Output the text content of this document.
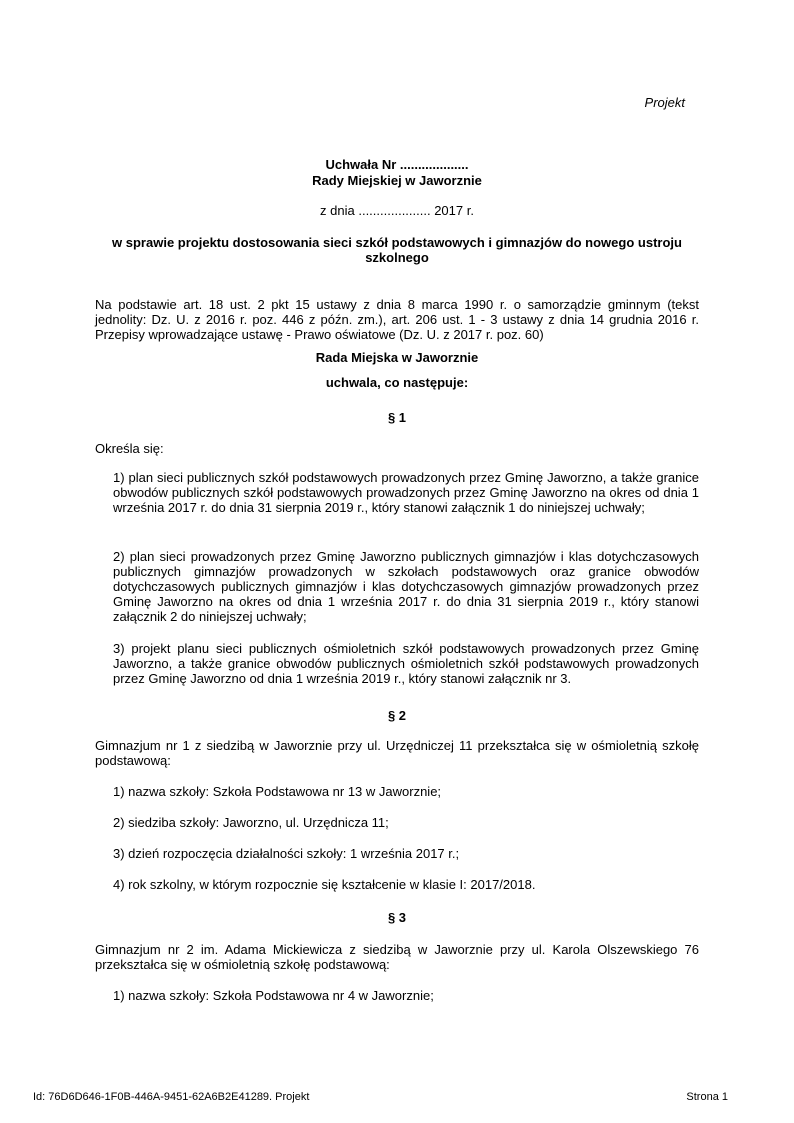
Projekt
Uchwała Nr ...................
Rady Miejskiej w Jaworznie
z dnia .................... 2017 r.
w sprawie projektu dostosowania sieci szkół podstawowych i gimnazjów do nowego ustroju szkolnego
Na podstawie art. 18 ust. 2 pkt 15 ustawy z dnia 8 marca 1990 r. o samorządzie gminnym (tekst jednolity: Dz. U. z 2016 r. poz. 446 z późn. zm.), art. 206 ust. 1 - 3 ustawy z dnia 14 grudnia 2016 r. Przepisy wprowadzające ustawę - Prawo oświatowe (Dz. U. z 2017 r. poz. 60)
Rada Miejska w Jaworznie
uchwala, co następuje:
§ 1
Określa się:
1) plan sieci publicznych szkół podstawowych prowadzonych przez Gminę Jaworzno, a także granice obwodów publicznych szkół podstawowych prowadzonych przez Gminę Jaworzno na okres od dnia 1 września 2017 r. do dnia 31 sierpnia 2019 r., który stanowi załącznik 1 do niniejszej uchwały;
2) plan sieci prowadzonych przez Gminę Jaworzno publicznych gimnazjów i klas dotychczasowych publicznych gimnazjów prowadzonych w szkołach podstawowych oraz granice obwodów dotychczasowych publicznych gimnazjów i klas dotychczasowych gimnazjów prowadzonych przez Gminę Jaworzno na okres od dnia 1 września 2017 r. do dnia 31 sierpnia 2019 r., który stanowi załącznik 2 do niniejszej uchwały;
3) projekt planu sieci publicznych ośmioletnich szkół podstawowych prowadzonych przez Gminę Jaworzno, a także granice obwodów publicznych ośmioletnich szkół podstawowych prowadzonych przez Gminę Jaworzno od dnia 1 września 2019 r., który stanowi załącznik nr 3.
§ 2
Gimnazjum nr 1 z siedzibą w Jaworznie przy ul. Urzędniczej 11 przekształca się w ośmioletnią szkołę podstawową:
1) nazwa szkoły: Szkoła Podstawowa nr 13 w Jaworznie;
2) siedziba szkoły: Jaworzno, ul. Urzędnicza 11;
3) dzień rozpoczęcia działalności szkoły: 1 września 2017 r.;
4) rok szkolny, w którym rozpocznie się kształcenie w klasie I: 2017/2018.
§ 3
Gimnazjum nr 2 im. Adama Mickiewicza z siedzibą w Jaworznie przy ul. Karola Olszewskiego 76 przekształca się w ośmioletnią szkołę podstawową:
1) nazwa szkoły: Szkoła Podstawowa nr 4 w Jaworznie;
Id: 76D6D646-1F0B-446A-9451-62A6B2E41289. Projekt	Strona 1
